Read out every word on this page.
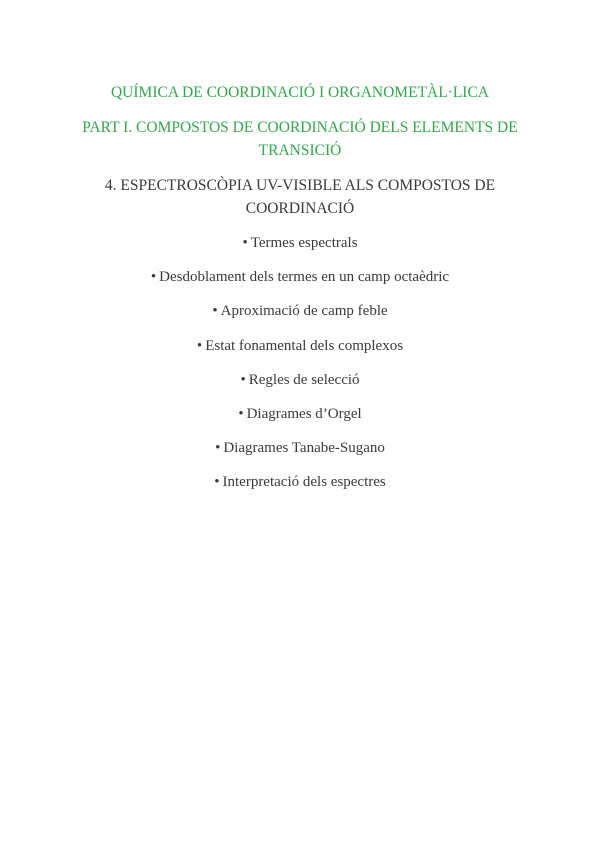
QUÍMICA DE COORDINACIÓ I ORGANOMETÀL·LICA
PART I. COMPOSTOS DE COORDINACIÓ DELS ELEMENTS DE TRANSICIÓ
4. ESPECTROSCÒPIA UV-VISIBLE ALS COMPOSTOS DE COORDINACIÓ
• Termes espectrals
• Desdoblament dels termes en un camp octaèdric
• Aproximació de camp feble
• Estat fonamental dels complexos
• Regles de selecció
• Diagrames d’Orgel
• Diagrames Tanabe-Sugano
• Interpretació dels espectres
